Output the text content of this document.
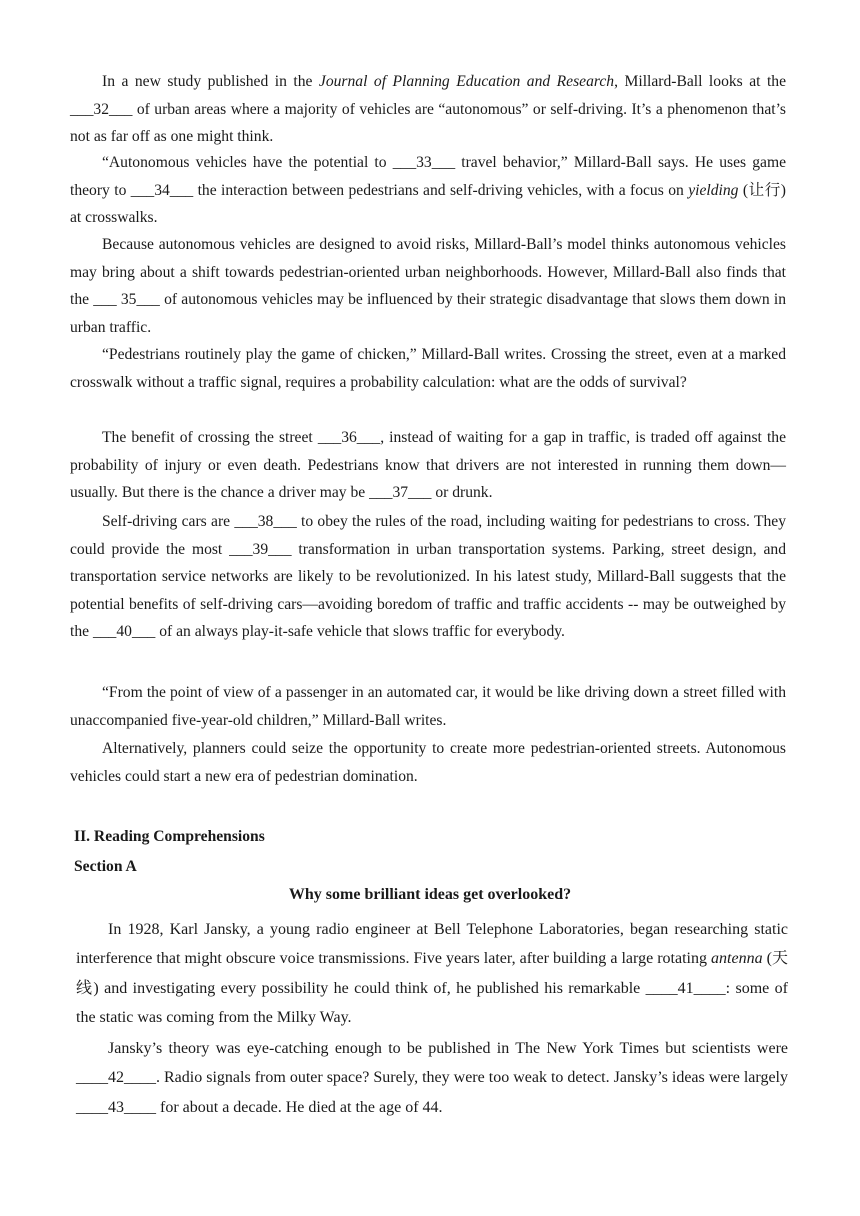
In a new study published in the Journal of Planning Education and Research, Millard-Ball looks at the ___32___ of urban areas where a majority of vehicles are “autonomous” or self-driving. It’s a phenomenon that’s not as far off as one might think.

“Autonomous vehicles have the potential to ___33___ travel behavior,” Millard-Ball says. He uses game theory to ___34___ the interaction between pedestrians and self-driving vehicles, with a focus on yielding (让行) at crosswalks.

Because autonomous vehicles are designed to avoid risks, Millard-Ball’s model thinks autonomous vehicles may bring about a shift towards pedestrian-oriented urban neighborhoods. However, Millard-Ball also finds that the ___ 35___ of autonomous vehicles may be influenced by their strategic disadvantage that slows them down in urban traffic.

“Pedestrians routinely play the game of chicken,” Millard-Ball writes. Crossing the street, even at a marked crosswalk without a traffic signal, requires a probability calculation: what are the odds of survival?

The benefit of crossing the street ___36___, instead of waiting for a gap in traffic, is traded off against the probability of injury or even death. Pedestrians know that drivers are not interested in running them down—usually. But there is the chance a driver may be ___37___ or drunk.

Self-driving cars are ___38___ to obey the rules of the road, including waiting for pedestrians to cross. They could provide the most ___39___ transformation in urban transportation systems. Parking, street design, and transportation service networks are likely to be revolutionized. In his latest study, Millard-Ball suggests that the potential benefits of self-driving cars—avoiding boredom of traffic and traffic accidents -- may be outweighed by the ___40___ of an always play-it-safe vehicle that slows traffic for everybody.

“From the point of view of a passenger in an automated car, it would be like driving down a street filled with unaccompanied five-year-old children,” Millard-Ball writes.

Alternatively, planners could seize the opportunity to create more pedestrian-oriented streets. Autonomous vehicles could start a new era of pedestrian domination.

II. Reading Comprehensions

Section A

Why some brilliant ideas get overlooked?

In 1928, Karl Jansky, a young radio engineer at Bell Telephone Laboratories, began researching static interference that might obscure voice transmissions. Five years later, after building a large rotating antenna (天线) and investigating every possibility he could think of, he published his remarkable ____41____: some of the static was coming from the Milky Way.

Jansky’s theory was eye-catching enough to be published in The New York Times but scientists were ____42____. Radio signals from outer space? Surely, they were too weak to detect. Jansky’s ideas were largely ____43____ for about a decade. He died at the age of 44.
